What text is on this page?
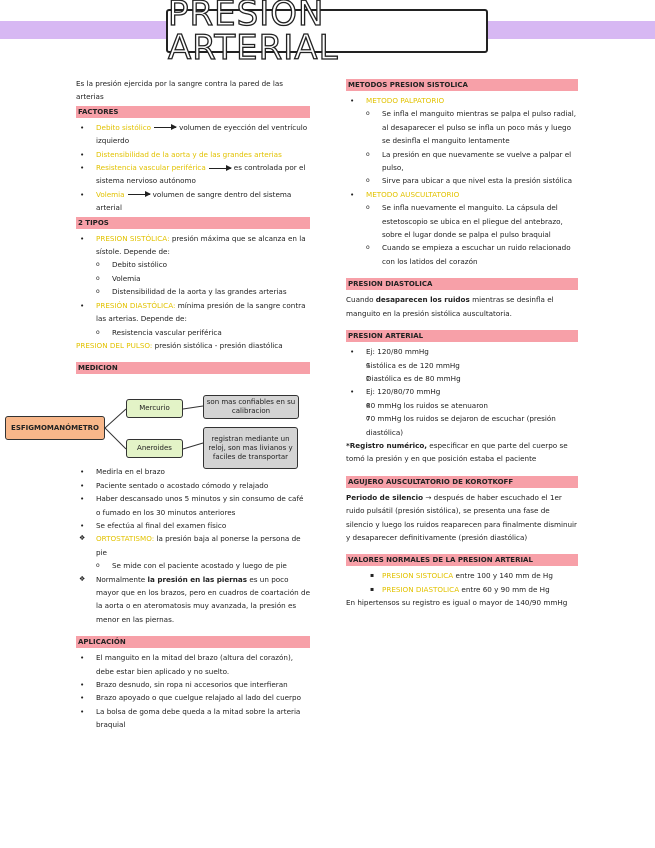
PRESION ARTERIAL

Es la presión ejercida por la sangre contra la pared de las arterias

FACTORES
• Debito sistólico	volumen de eyección del ventrículo izquierdo
• Distensibilidad de la aorta y de las grandes arterias
• Resistencia vascular periférica	es controlada por el sistema nervioso autónomo
• Volemia	volumen de sangre dentro del sistema arterial
2 TIPOS
• PRESION SISTÓLICA: presión máxima que se alcanza en la sístole. Depende de:
o Debito sistólico
o Volemia
o Distensibilidad de la aorta y las grandes arterias
• PRESIÓN DIASTÓLICA: mínima presión de la sangre contra las arterias. Depende de:
o Resistencia vascular periférica

PRESION DEL PULSO: presión sistólica - presión diastólica

MEDICION
• Medirla en el brazo
• Paciente sentado o acostado cómodo y relajado
• Haber descansado unos 5 minutos y sin consumo de café o fumado en los 30 minutos anteriores
• Se efectúa al final del examen físico
❖ ORTOSTATISMO: la presión baja al ponerse la persona de pie
o Se mide con el paciente acostado y luego de pie
❖ Normalmente la presión en las piernas es un poco mayor que en los brazos, pero en cuadros de coartación de la aorta o en ateromatosis muy avanzada, la presión es menor en las piernas.
APLICACIÓN
• El manguito en la mitad del brazo (altura del corazón), debe estar bien aplicado y no suelto.
• Brazo desnudo, sin ropa ni accesorios que interfieran
• Brazo apoyado o que cuelgue relajado al lado del cuerpo
• La bolsa de goma debe queda a la mitad sobre la arteria braquial
ESFIGMOMANÓMETRO
Mercurio
Aneroides
son mas confiables en su calibracion
registran mediante un reloj, son mas livianos y faciles de transportar
METODOS PRESION SISTOLICA
• METODO PALPATORIO
o Se infla el manguito mientras se palpa el pulso radial, al desaparecer el pulso se infla un poco más y luego se desinfla el manguito lentamente
o La presión en que nuevamente se vuelve a palpar el pulso,
o Sirve para ubicar a que nivel esta la presión sistólica
• METODO AUSCULTATORIO
o Se infla nuevamente el manguito. La cápsula del estetoscopio se ubica en el pliegue del antebrazo, sobre el lugar donde se palpa el pulso braquial
o Cuando se empieza a escuchar un ruido relacionado con los latidos del corazón
PRESION DIASTOLICA

Cuando desaparecen los ruidos mientras se desinfla el manguito en la presión sistólica auscultatoria.

PRESION ARTERIAL
• Ej: 120/80 mmHg
o Sistólica es de 120 mmHg
o Diastólica es de 80 mmHg
• Ej: 120/80/70 mmHg
o 80 mmHg los ruidos se atenuaron
o 70 mmHg los ruidos se dejaron de escuchar (presión diastólica)

*Registro numérico, especificar en que parte del cuerpo se tomó la presión y en que posición estaba el paciente

AGUJERO AUSCULTATORIO DE KOROTKOFF

Periodo de silencio → después de haber escuchado el 1er ruido pulsátil (presión sistólica), se presenta una fase de silencio y luego los ruidos reaparecen para finalmente disminuir y desaparecer definitivamente (presión diastólica)

VALORES NORMALES DE LA PRESION ARTERIAL
▪ PRESION SISTOLICA entre 100 y 140 mm de Hg
▪ PRESION DIASTOLICA entre 60 y 90 mm de Hg

En hipertensos su registro es igual o mayor de 140/90 mmHg
